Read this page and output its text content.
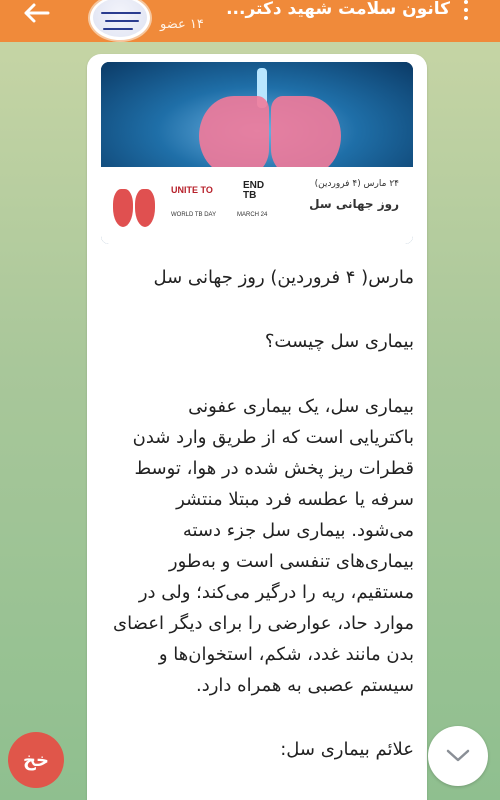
کانون سلامت شهید دکتر...
۱۴ عضو
UNITE TO	END TB
WORLD TB DAY	MARCH 24
۲۴ مارس (۴ فروردین)
روز جهانی سل
مارس( ۴ فروردین) روز جهانی سل
بیماری سل چیست؟
بیماری سل، یک بیماری عفونی
باکتریایی است که از طریق وارد شدن
قطرات ریز پخش شده در هوا، توسط
سرفه یا عطسه فرد مبتلا منتشر
می‌شود. بیماری سل جزء دسته
بیماری‌های تنفسی است و به‌طور
مستقیم، ریه را درگیر می‌کند؛ ولی در
موارد حاد، عوارضی را برای دیگر اعضای
بدن مانند غدد، شکم، استخوان‌ها و
سیستم عصبی به همراه دارد.
علائم بیماری سل:
خخ
